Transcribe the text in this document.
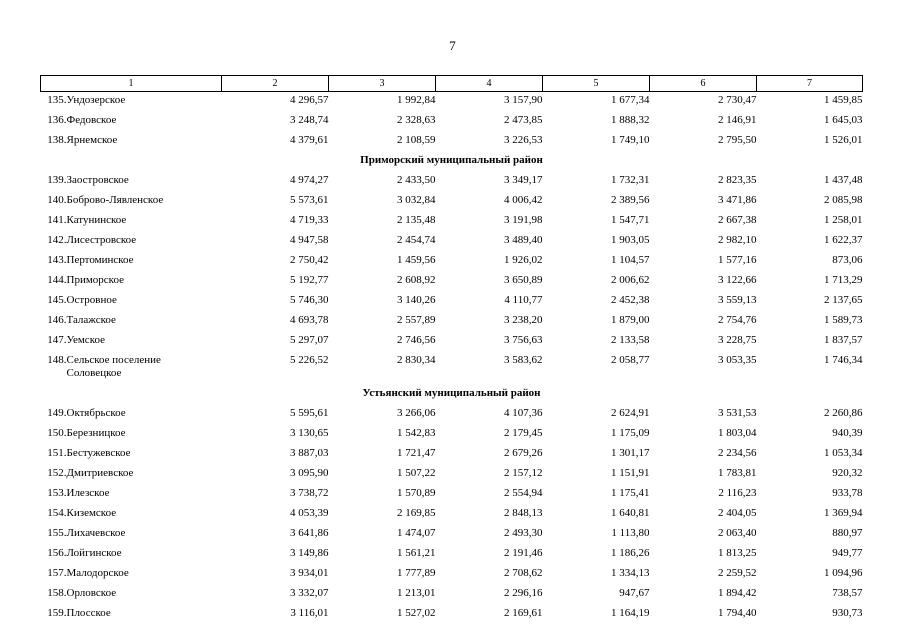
7
1		2	3	4	5	6	7
135.	Ундозерское	4 296,57	1 992,84	3 157,90	1 677,34	2 730,47	1 459,85
136.	Федовское	3 248,74	2 328,63	2 473,85	1 888,32	2 146,91	1 645,03
138.	Ярнемское	4 379,61	2 108,59	3 226,53	1 749,10	2 795,50	1 526,01
Приморский муниципальный район							
139.	Заостровское	4 974,27	2 433,50	3 349,17	1 732,31	2 823,35	1 437,48
140.	Боброво-Лявленское	5 573,61	3 032,84	4 006,42	2 389,56	3 471,86	2 085,98
141.	Катунинское	4 719,33	2 135,48	3 191,98	1 547,71	2 667,38	1 258,01
142.	Лисестровское	4 947,58	2 454,74	3 489,40	1 903,05	2 982,10	1 622,37
143.	Пертоминское	2 750,42	1 459,56	1 926,02	1 104,57	1 577,16	873,06
144.	Приморское	5 192,77	2 608,92	3 650,89	2 006,62	3 122,66	1 713,29
145.	Островное	5 746,30	3 140,26	4 110,77	2 452,38	3 559,13	2 137,65
146.	Талажское	4 693,78	2 557,89	3 238,20	1 879,00	2 754,76	1 589,73
147.	Уемское	5 297,07	2 746,56	3 756,63	2 133,58	3 228,75	1 837,57
148.	Сельское поселение
Соловецкое	5 226,52	2 830,34	3 583,62	2 058,77	3 053,35	1 746,34
Устьянский муниципальный район							
149.	Октябрьское	5 595,61	3 266,06	4 107,36	2 624,91	3 531,53	2 260,86
150.	Березницкое	3 130,65	1 542,83	2 179,45	1 175,09	1 803,04	940,39
151.	Бестужевское	3 887,03	1 721,47	2 679,26	1 301,17	2 234,56	1 053,34
152.	Дмитриевское	3 095,90	1 507,22	2 157,12	1 151,91	1 783,81	920,32
153.	Илезское	3 738,72	1 570,89	2 554,94	1 175,41	2 116,23	933,78
154.	Киземское	4 053,39	2 169,85	2 848,13	1 640,81	2 404,05	1 369,94
155.	Лихачевское	3 641,86	1 474,07	2 493,30	1 113,80	2 063,40	880,97
156.	Лойгинское	3 149,86	1 561,21	2 191,46	1 186,26	1 813,25	949,77
157.	Малодорское	3 934,01	1 777,89	2 708,62	1 334,13	2 259,52	1 094,96
158.	Орловское	3 332,07	1 213,01	2 296,16	947,67	1 894,42	738,57
159.	Плосское	3 116,01	1 527,02	2 169,61	1 164,19	1 794,40	930,73
